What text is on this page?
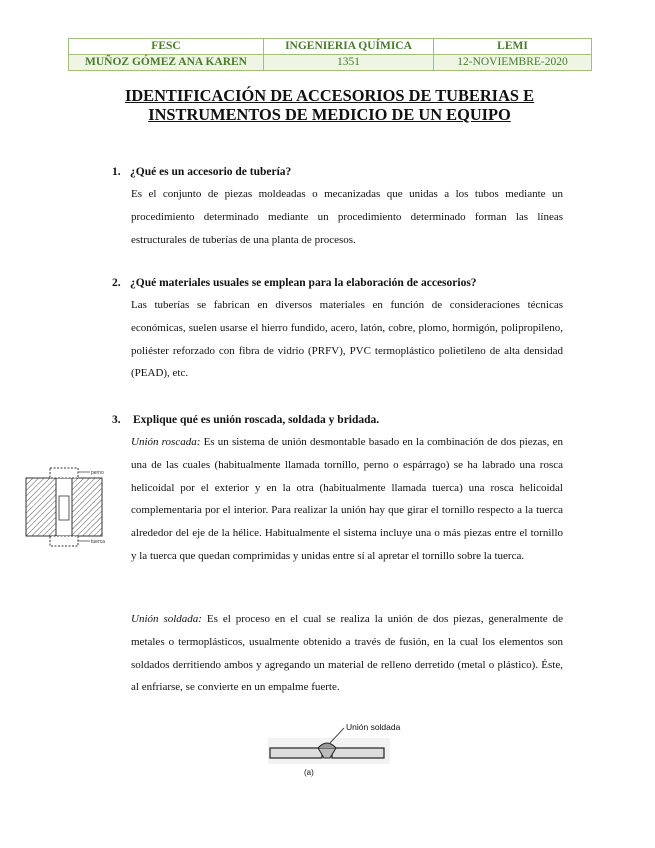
FESC	INGENIERIA QUÍMICA	LEMI
MUÑOZ GÓMEZ ANA KAREN	1351	12-NOVIEMBRE-2020
IDENTIFICACIÓN DE ACCESORIOS DE TUBERIAS E
INSTRUMENTOS DE MEDICIO DE UN EQUIPO

1. ¿Qué es un accesorio de tubería?

Es el conjunto de piezas moldeadas o mecanizadas que unidas a los tubos mediante un procedimiento determinado mediante un procedimiento determinado forman las líneas estructurales de tuberías de una planta de procesos.

2. ¿Qué materiales usuales se emplean para la elaboración de accesorios?

Las tuberías se fabrican en diversos materiales en función de consideraciones técnicas económicas, suelen usarse el hierro fundido, acero, latón, cobre, plomo, hormigón, polipropileno, poliéster reforzado con fibra de vidrio (PRFV), PVC termoplástico polietileno de alta densidad (PEAD), etc.

3. Explique qué es unión roscada, soldada y bridada.

Unión roscada: Es un sistema de unión desmontable basado en la combinación de dos piezas, en una de las cuales (habitualmente llamada tornillo, perno o espárrago) se ha labrado una rosca helicoidal por el exterior y en la otra (habitualmente llamada tuerca) una rosca helicoidal complementaria por el interior. Para realizar la unión hay que girar el tornillo respecto a la tuerca alrededor del eje de la hélice. Habitualmente el sistema incluye una o más piezas entre el tornillo y la tuerca que quedan comprimidas y unidas entre sí al apretar el tornillo sobre la tuerca.

Unión soldada: Es el proceso en el cual se realiza la unión de dos piezas, generalmente de metales o termoplásticos, usualmente obtenido a través de fusión, en la cual los elementos son soldados derritiendo ambos y agregando un material de relleno derretido (metal o plástico). Éste, al enfriarse, se convierte en un empalme fuerte.

perno
tuerca
Unión soldada
(a)
